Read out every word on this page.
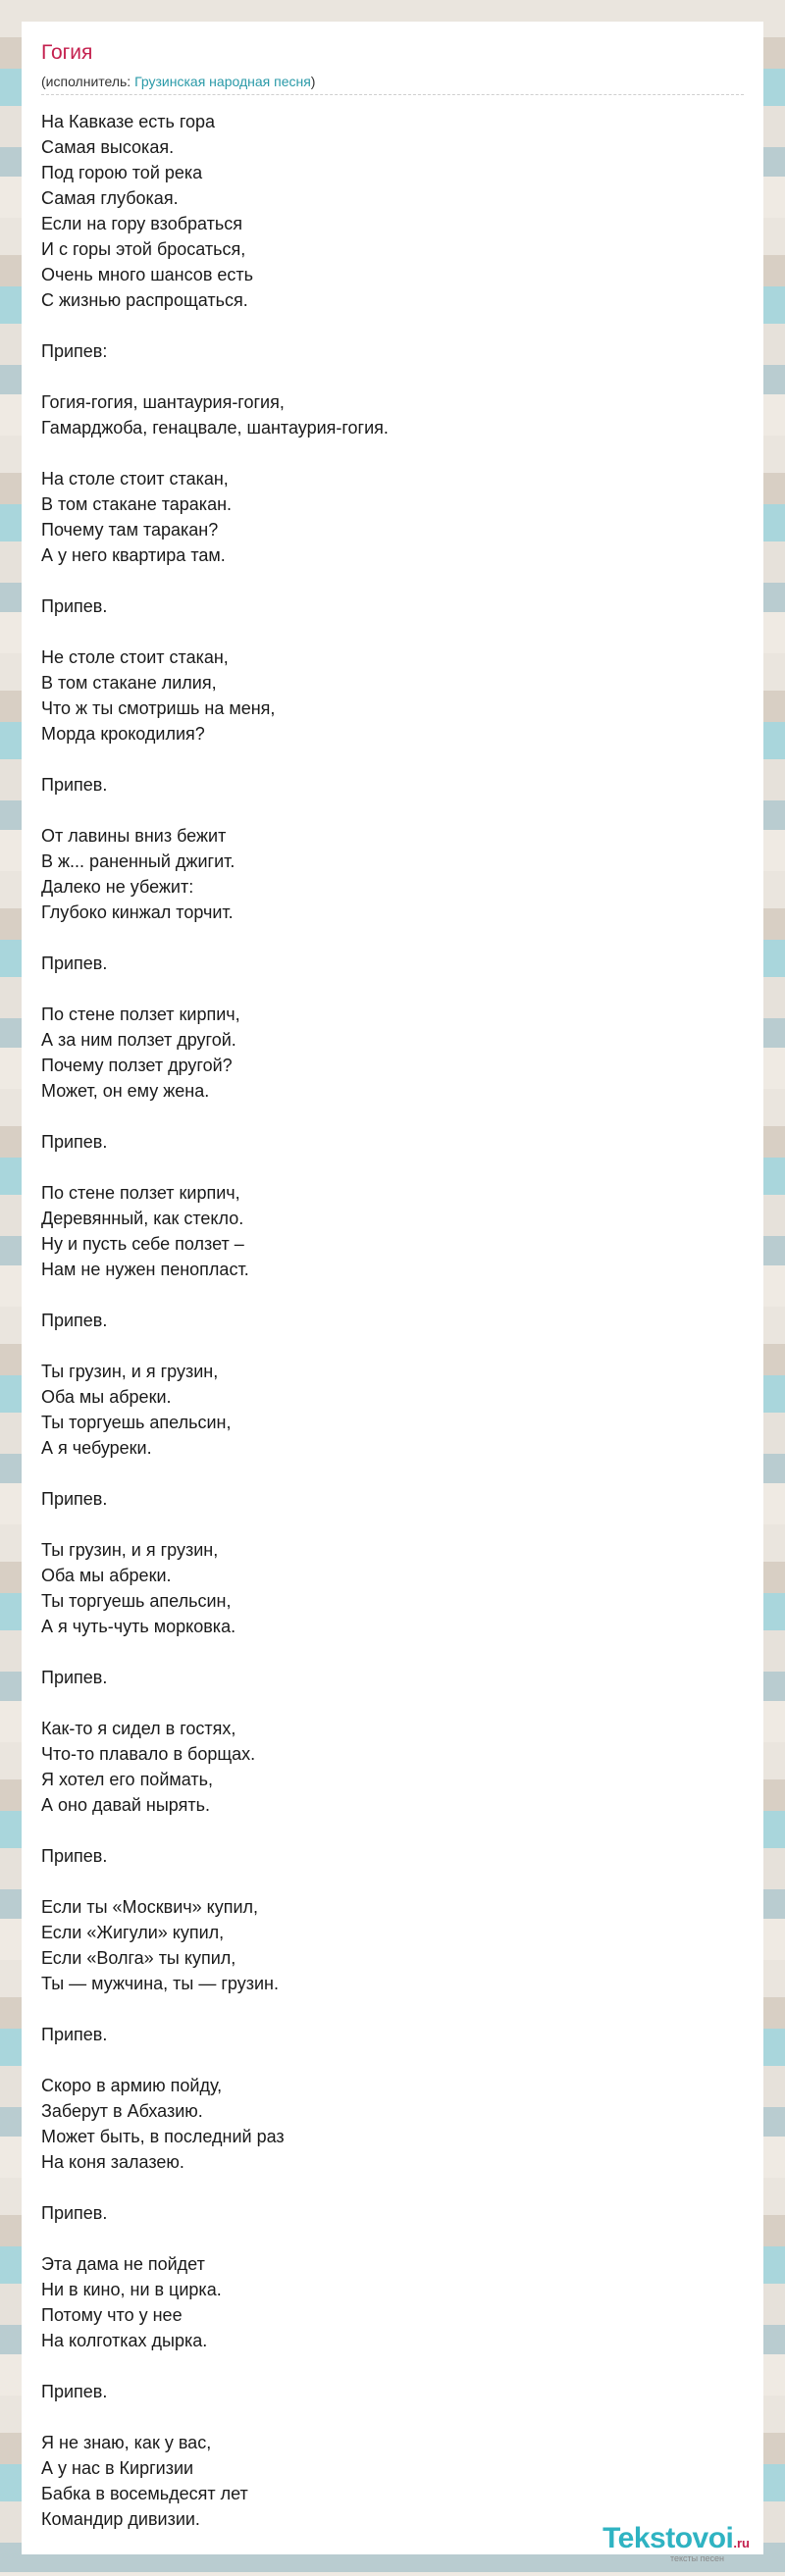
Гогия
(исполнитель: Грузинская народная песня)
На Кавказе есть гора
Самая высокая.
Под горою той река
Самая глубокая.
Если на гору взобраться
И с горы этой бросаться,
Очень много шансов есть
С жизнью распрощаться.
Припев:
Гогия-гогия, шантаурия-гогия,
Гамарджоба, генацвале, шантаурия-гогия.
На столе стоит стакан,
В том стакане таракан.
Почему там таракан?
А у него квартира там.
Припев.
Не столе стоит стакан,
В том стакане лилия,
Что ж ты смотришь на меня,
Морда крокодилия?
Припев.
От лавины вниз бежит
В ж... раненный джигит.
Далеко не убежит:
Глубоко кинжал торчит.
Припев.
По стене ползет кирпич,
А за ним ползет другой.
Почему ползет другой?
Может, он ему жена.
Припев.
По стене ползет кирпич,
Деревянный, как стекло.
Ну и пусть себе ползет –
Нам не нужен пенопласт.
Припев.
Ты грузин, и я грузин,
Оба мы абреки.
Ты торгуешь апельсин,
А я чебуреки.
Припев.
Ты грузин, и я грузин,
Оба мы абреки.
Ты торгуешь апельсин,
А я чуть-чуть морковка.
Припев.
Как-то я сидел в гостях,
Что-то плавало в борщах.
Я хотел его поймать,
А оно давай нырять.
Припев.
Если ты «Москвич» купил,
Если «Жигули» купил,
Если «Волга» ты купил,
Ты — мужчина, ты — грузин.
Припев.
Скоро в армию пойду,
Заберут в Абхазию.
Может быть, в последний раз
На коня залазею.
Припев.
Эта дама не пойдет
Ни в кино, ни в цирка.
Потому что у нее
На колготках дырка.
Припев.
Я не знаю, как у вас,
А у нас в Киргизии
Бабка в восемьдесят лет
Командир дивизии.
Tekstovoi.ru
тексты песен
